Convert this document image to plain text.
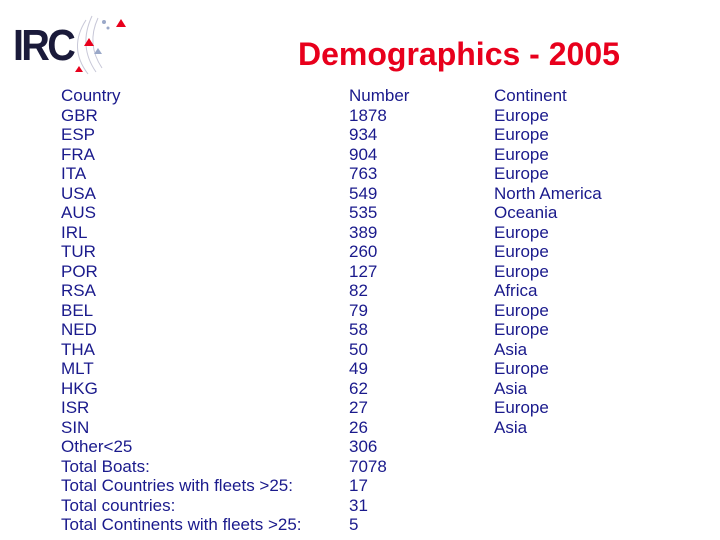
IRC	Demographics - 2005
Country
GBR
ESP
FRA
ITA
USA
AUS
IRL
TUR
POR
RSA
BEL
NED
THA
MLT
HKG
ISR
SIN
Other<25
Total Boats:
Total Countries with fleets >25:
Total countries:
Total Continents with fleets >25:
Number
1878
934
904
763
549
535
389
260
127
82
79
58
50
49
62
27
26
306
7078
17
31
5
Continent
Europe
Europe
Europe
Europe
North America
Oceania
Europe
Europe
Europe
Africa
Europe
Europe
Asia
Europe
Asia
Europe
Asia
